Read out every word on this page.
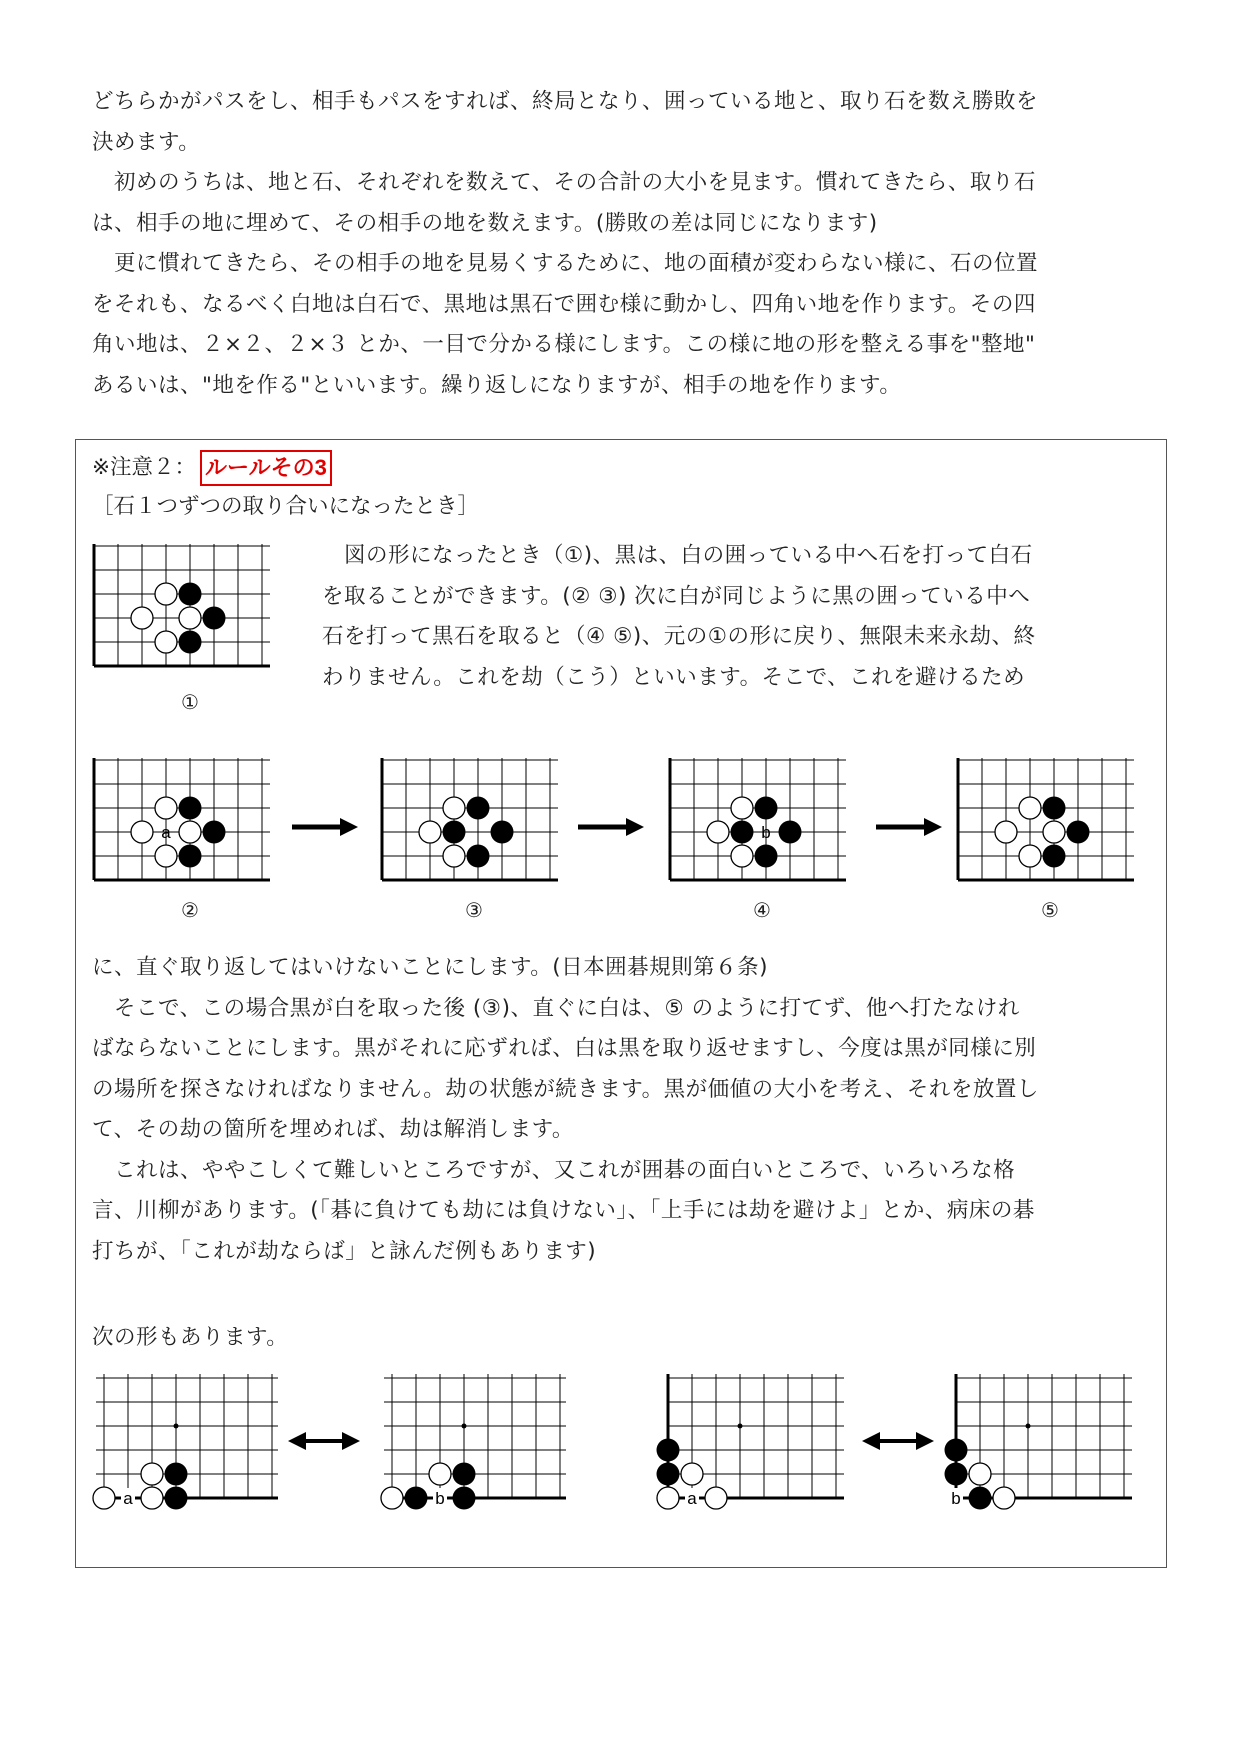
どちらかがパスをし、相手もパスをすれば、終局となり、囲っている地と、取り石を数え勝敗を
決めます。
　初めのうちは、地と石、それぞれを数えて、その合計の大小を見ます。慣れてきたら、取り石
は、相手の地に埋めて、その相手の地を数えます。(勝敗の差は同じになります)
　更に慣れてきたら、その相手の地を見易くするために、地の面積が変わらない様に、石の位置
をそれも、なるべく白地は白石で、黒地は黒石で囲む様に動かし、四角い地を作ります。その四
角い地は、２×２、２×３ とか、一目で分かる様にします。この様に地の形を整える事を"整地"
あるいは、"地を作る"といいます。繰り返しになりますが、相手の地を作ります。
※注意２： ルールその3
［石１つずつの取り合いになったとき］
①
　図の形になったとき（①)、黒は、白の囲っている中へ石を打って白石
を取ることができます。(② ③) 次に白が同じように黒の囲っている中へ
石を打って黒石を取ると（④ ⑤)、元の①の形に戻り、無限未来永劫、終
わりません。これを劫（こう）といいます。そこで、これを避けるため
a	b
②	③	④	⑤
に、直ぐ取り返してはいけないことにします。(日本囲碁規則第６条)
　そこで、この場合黒が白を取った後 (③)、直ぐに白は、⑤ のように打てず、他へ打たなけれ
ばならないことにします。黒がそれに応ずれば、白は黒を取り返せますし、今度は黒が同様に別
の場所を探さなければなりません。劫の状態が続きます。黒が価値の大小を考え、それを放置し
て、その劫の箇所を埋めれば、劫は解消します。
　これは、ややこしくて難しいところですが、又これが囲碁の面白いところで、いろいろな格
言、川柳があります。(「碁に負けても劫には負けない」、「上手には劫を避けよ」とか、病床の碁
打ちが、「これが劫ならば」と詠んだ例もあります)
次の形もあります。
a	b	a	b
